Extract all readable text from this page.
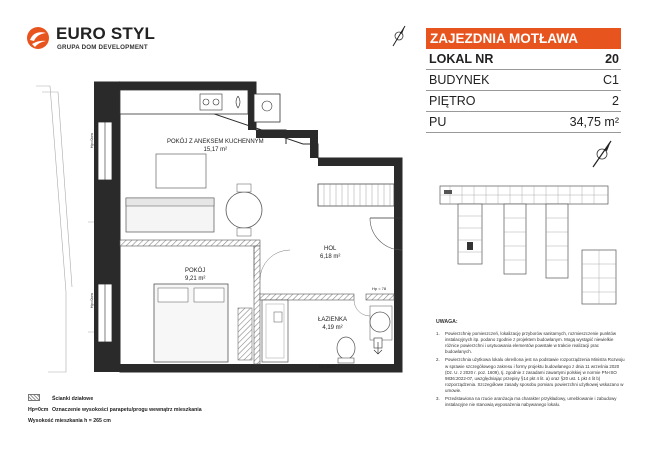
EURO STYL
GRUPA DOM DEVELOPMENT
ZAJEZDNIA MOTŁAWA
LOKAL NR	20
BUDYNEK	C1
PIĘTRO	2
PU	34,75 m²
POKÓJ Z ANEKSEM KUCHENNYM
15,17 m²
POKÓJ
9,21 m²
HOL
6,18 m²
ŁAZIENKA
4,19 m²
hp=0cm
Hp = 78
Hp=0cm
Hp=0cm
UWAGA:
1.	Powierzchnię pomieszczeń, lokalizację przyborów sanitarnych, rozmieszczenie punktów instalacyjnych itp. podano zgodnie z projektem budowlanym. Mogą wystąpić niewielkie różnice powierzchni i usytuowania elementów powstałe w trakcie realizacji prac budowlanych.
2.	Powierzchnia użytkowa lokalu określona jest na podstawie rozporządzenia Ministra Rozwoju w sprawie szczegółowego zakresu i formy projektu budowlanego z dnia 11 września 2020 (Dz. U. z 2020 r. poz. 1609), tj. zgodnie z zasadami zawartymi polskiej w normie PN-ISO 9836:2022-07, uwzględniając przepisy §14 pkt 4 lit. a) oraz §20 ust. 1 pkt 4 lit b) rozporządzenia. Szczegółowe zasady sposobu pomiaru powierzchni użytkowej wskazano w umowie.
3.	Przedstawiona na rzucie aranżacja ma charakter przykładowy, umeblowanie i zabudowy instalacyjne nie stanowią wyposażenia nabywanego lokalu.
Ścianki działowe
Hp=0cm Oznaczenie wysokości parapetu/progu wewnątrz mieszkania
Wysokość mieszkania h = 265 cm
